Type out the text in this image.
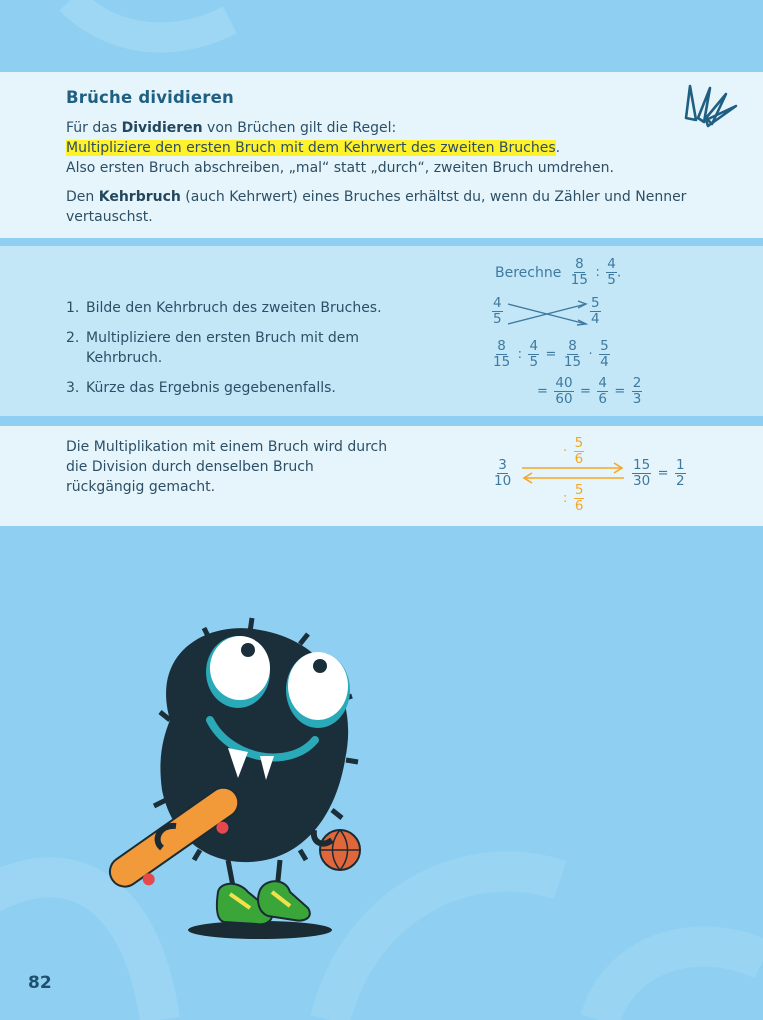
Brüche dividieren
Für das Dividieren von Brüchen gilt die Regel:
Multipliziere den ersten Bruch mit dem Kehrwert des zweiten Bruches.
Also ersten Bruch abschreiben, „mal“ statt „durch“, zweiten Bruch umdrehen.
Den Kehrbruch (auch Kehrwert) eines Bruches erhältst du, wenn du Zähler und Nenner vertauschst.
1. Bilde den Kehrbruch des zweiten Bruches.
2. Multipliziere den ersten Bruch mit dem Kehrbruch.
3. Kürze das Ergebnis gegebenenfalls.
Berechne $\frac{8}{15}$ : $\frac{4}{5}$ .
$\frac{4}{5}$	$\frac{5}{4}$
$\frac{8}{15}$ : $\frac{4}{5} = \frac{8}{15} \cdot \frac{5}{4}$
= $\frac{40}{60} = \frac{4}{6} = \frac{2}{3}$
Die Multiplikation mit einem Bruch wird durch die Division durch denselben Bruch rückgängig gemacht.	$\frac{3}{10}$
· $\frac{5}{6}$
: $\frac{5}{6}$
$\frac{15}{30} = \frac{1}{2}$
82
